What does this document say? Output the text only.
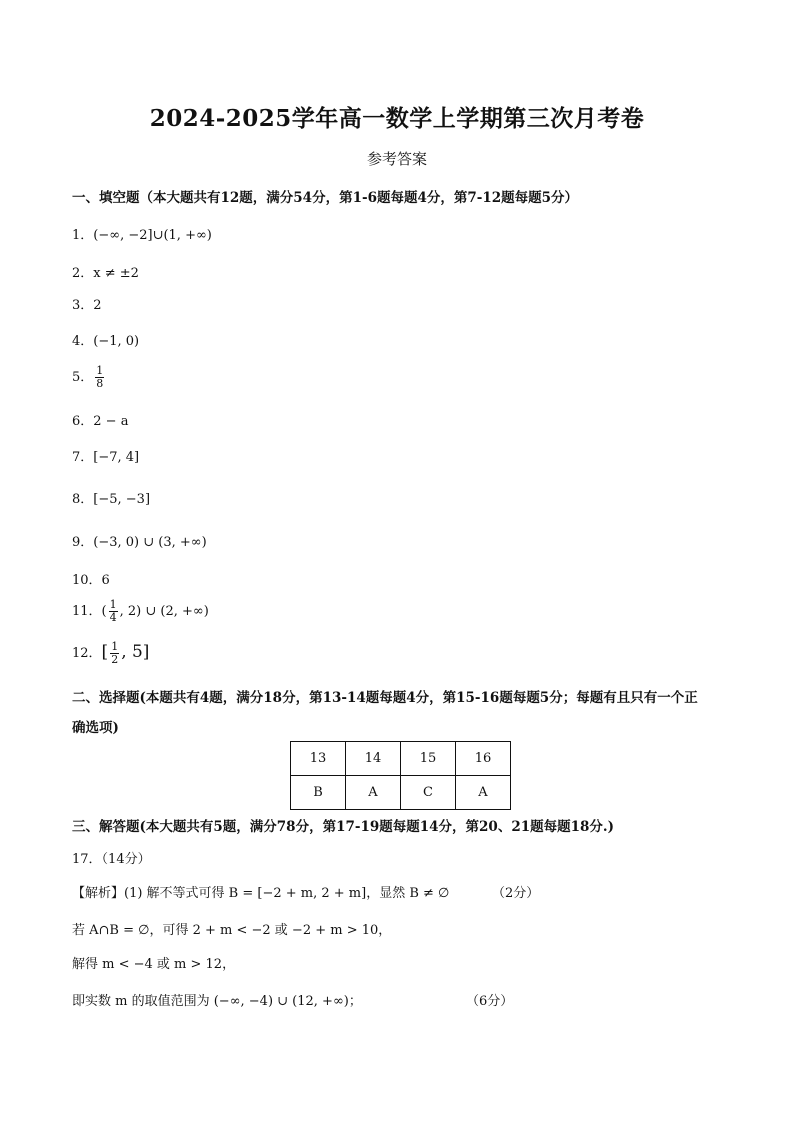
2024-2025学年高一数学上学期第三次月考卷
参考答案
一、填空题（本大题共有12题，满分54分，第1-6题每题4分，第7-12题每题5分）
1．(−∞, −2]∪(1, +∞)
2．x ≠ ±2
3．2
4．(−1, 0)
5． $\frac{1}{8}$
6．2 − a
7．[−7, 4]
8．[−5, −3]
9．(−3, 0) ∪ (3, +∞)
10．6
11．( $\frac{1}{4}$ , 2) ∪ (2, +∞)
12．[ $\frac{1}{2}$ , 5]
二、选择题(本题共有4题，满分18分，第13-14题每题4分，第15-16题每题5分；每题有且只有一个正
确选项)
13	14	15	16
B	A	C	A
三、解答题(本大题共有5题，满分78分，第17-19题每题14分，第20、21题每题18分.)
17．（14分）
【解析】(1) 解不等式可得 B = [−2 + m, 2 + m]，显然 B ≠ ∅	（2分）
若 A∩B = ∅，可得 2 + m < −2 或 −2 + m > 10，
解得 m < −4 或 m > 12，
即实数 m 的取值范围为 (−∞, −4) ∪ (12, +∞)；	（6分）
